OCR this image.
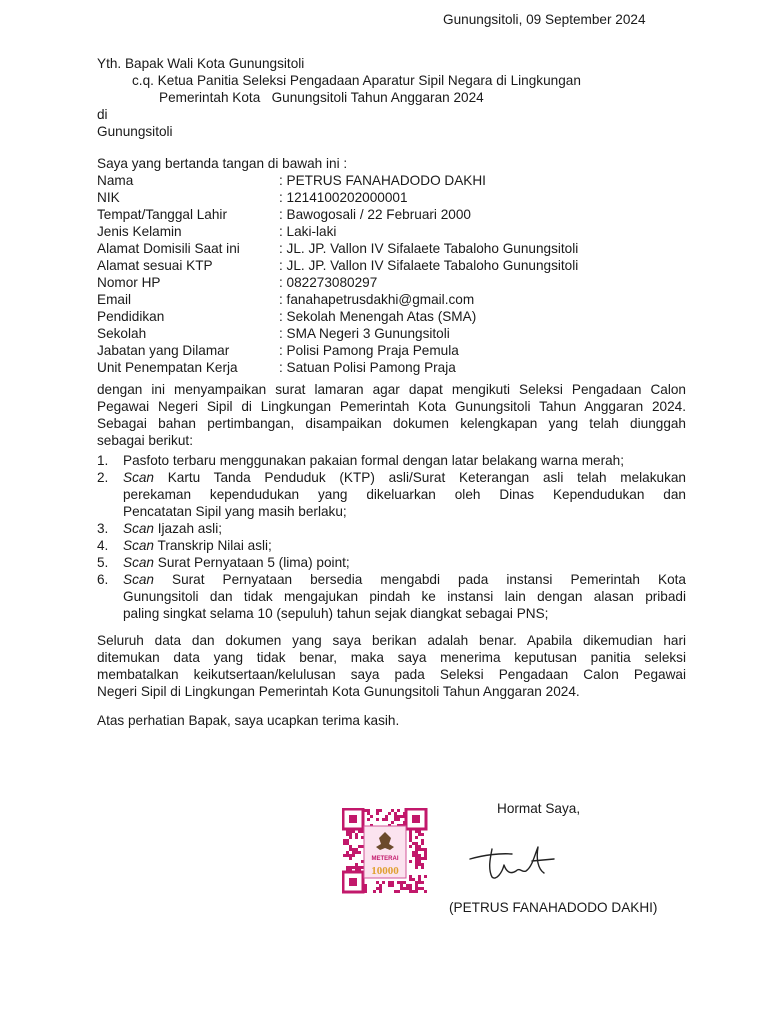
Gunungsitoli, 09 September 2024
Yth. Bapak Wali Kota Gunungsitoli
c.q. Ketua Panitia Seleksi Pengadaan Aparatur Sipil Negara di Lingkungan
Pemerintah Kota   Gunungsitoli Tahun Anggaran 2024
di
Gunungsitoli
Saya yang bertanda tangan di bawah ini :
Nama	: PETRUS FANAHADODO DAKHI
NIK	: 1214100202000001
Tempat/Tanggal Lahir	: Bawogosali / 22 Februari 2000
Jenis Kelamin	: Laki-laki
Alamat Domisili Saat ini	: JL. JP. Vallon IV Sifalaete Tabaloho Gunungsitoli
Alamat sesuai KTP	: JL. JP. Vallon IV Sifalaete Tabaloho Gunungsitoli
Nomor HP	: 082273080297
Email	: fanahapetrusdakhi@gmail.com
Pendidikan	: Sekolah Menengah Atas (SMA)
Sekolah	: SMA Negeri 3 Gunungsitoli
Jabatan yang Dilamar	: Polisi Pamong Praja Pemula
Unit Penempatan Kerja	: Satuan Polisi Pamong Praja
dengan ini menyampaikan surat lamaran agar dapat mengikuti Seleksi Pengadaan Calon
Pegawai Negeri Sipil di Lingkungan Pemerintah Kota Gunungsitoli Tahun Anggaran 2024.
Sebagai bahan pertimbangan, disampaikan dokumen kelengkapan yang telah diunggah
sebagai berikut:
1. Pasfoto terbaru menggunakan pakaian formal dengan latar belakang warna merah;
2. Scan Kartu Tanda Penduduk (KTP) asli/Surat Keterangan asli telah melakukan
perekaman kependudukan yang dikeluarkan oleh Dinas Kependudukan dan
Pencatatan Sipil yang masih berlaku;
3. Scan Ijazah asli;
4. Scan Transkrip Nilai asli;
5. Scan Surat Pernyataan 5 (lima) point;
6. Scan Surat Pernyataan bersedia mengabdi pada instansi Pemerintah Kota
Gunungsitoli dan tidak mengajukan pindah ke instansi lain dengan alasan pribadi
paling singkat selama 10 (sepuluh) tahun sejak diangkat sebagai PNS;
Seluruh data dan dokumen yang saya berikan adalah benar. Apabila dikemudian hari
ditemukan data yang tidak benar, maka saya menerima keputusan panitia seleksi
membatalkan keikutsertaan/kelulusan saya pada Seleksi Pengadaan Calon Pegawai
Negeri Sipil di Lingkungan Pemerintah Kota Gunungsitoli Tahun Anggaran 2024.
Atas perhatian Bapak, saya ucapkan terima kasih.
Hormat Saya,
METERAI
10000
(PETRUS FANAHADODO DAKHI)
